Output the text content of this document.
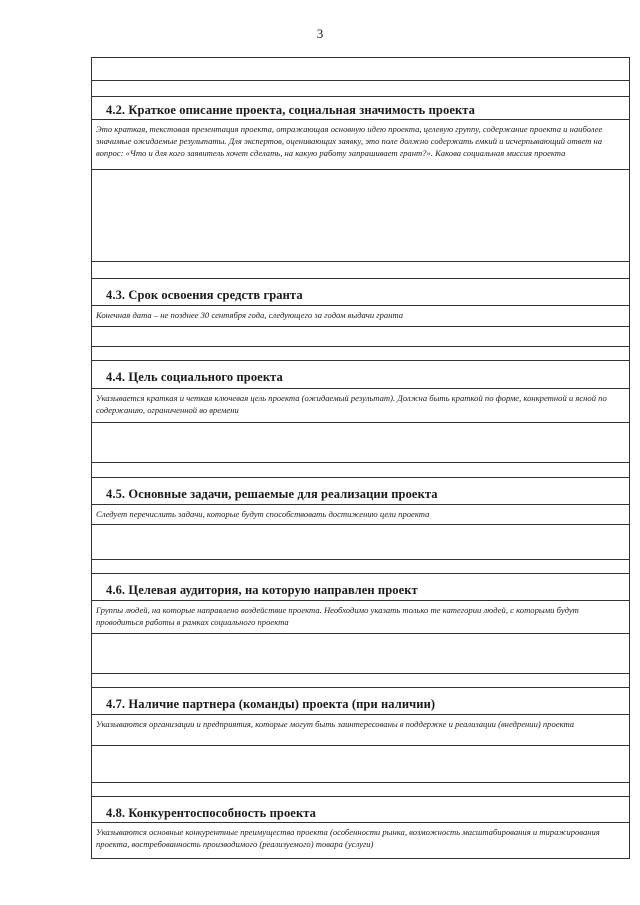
3
4.2. Краткое описание проекта, социальная значимость проекта
Это краткая, текстовая презентация проекта, отражающая основную идею проекта, целевую группу, содержание проекта и наиболее значимые ожидаемые результаты. Для экспертов, оценивающих заявку, это поле должно содержать емкий и исчерпывающий ответ на вопрос: «Что и для кого заявитель хочет сделать, на какую работу запрашивает грант?». Какова социальная миссия проекта
4.3. Срок освоения средств гранта
Конечная дата – не позднее 30 сентября года, следующего за годом выдачи гранта
4.4. Цель социального проекта
Указывается краткая и четкая ключевая цель проекта (ожидаемый результат). Должна быть краткой по форме, конкретной и ясной по содержанию, ограниченной во времени
4.5. Основные задачи, решаемые для реализации проекта
Следует перечислить задачи, которые будут способствовать достижению цели проекта
4.6. Целевая аудитория, на которую направлен проект
Группы людей, на которые направлено воздействие проекта. Необходимо указать только те категории людей, с которыми будут проводиться работы в рамках социального проекта
4.7. Наличие партнера (команды) проекта (при наличии)
Указываются организации и предприятия, которые могут быть заинтересованы в поддержке и реализации (внедрении) проекта
4.8. Конкурентоспособность проекта
Указываются основные конкурентные преимущества проекта (особенности рынка, возможность масштабирования и тиражирования проекта, востребованность производимого (реализуемого) товара (услуги)
